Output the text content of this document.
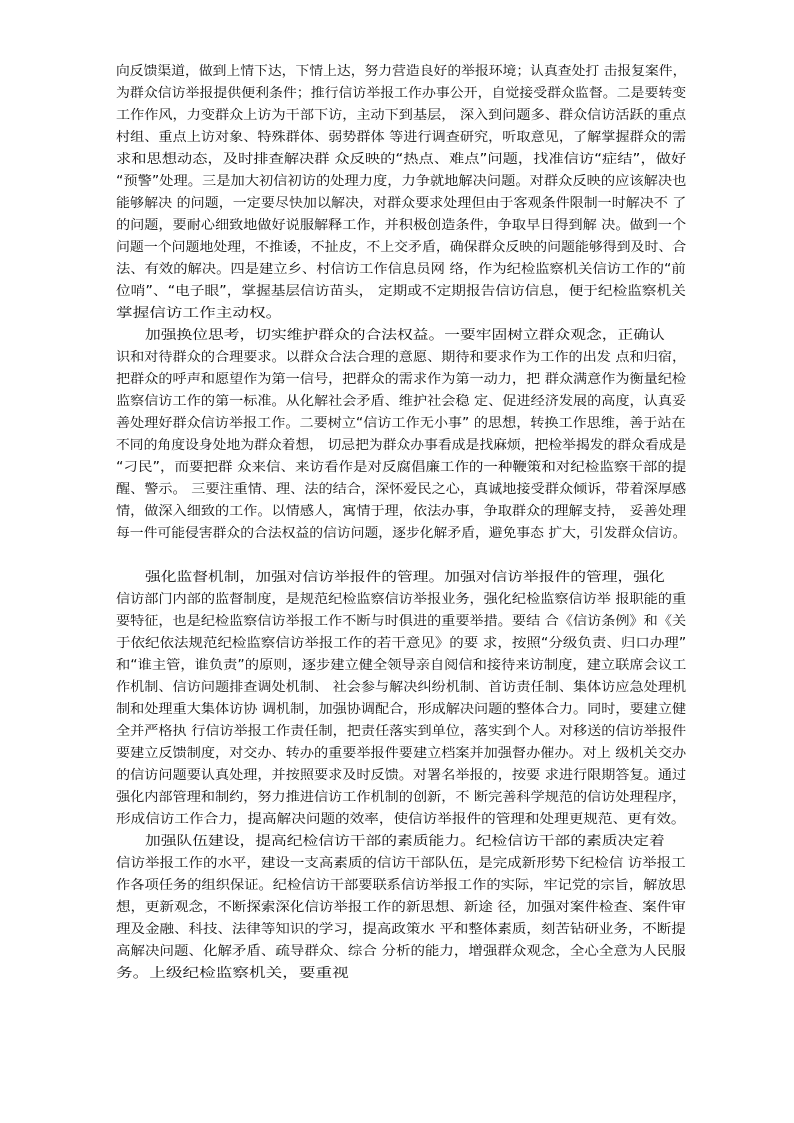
向反馈渠道，做到上情下达，下情上达，努力营造良好的举报环境；认真查处打 击报复案件，
为群众信访举报提供便利条件；推行信访举报工作办事公开，自觉接受群众监督。二是要转变
工作作风，力变群众上访为干部下访，主动下到基层， 深入到问题多、群众信访活跃的重点
村组、重点上访对象、特殊群体、弱势群体 等进行调查研究，听取意见，了解掌握群众的需
求和思想动态，及时排查解决群 众反映的“热点、难点”问题，找准信访“症结”，做好
“预警”处理。三是加大初信初访的处理力度，力争就地解决问题。对群众反映的应该解决也
能够解决 的问题，一定要尽快加以解决，对群众要求处理但由于客观条件限制一时解决不 了
的问题，要耐心细致地做好说服解释工作，并积极创造条件，争取早日得到解 决。做到一个
问题一个问题地处理，不推诿，不扯皮，不上交矛盾，确保群众反映的问题能够得到及时、合
法、有效的解决。四是建立乡、村信访工作信息员网 络，作为纪检监察机关信访工作的“前
位哨”、“电子眼”，掌握基层信访苗头， 定期或不定期报告信访信息，便于纪检监察机关
掌握信访工作主动权。
加强换位思考，切实维护群众的合法权益。一要牢固树立群众观念，正确认
识和对待群众的合理要求。以群众合法合理的意愿、期待和要求作为工作的出发 点和归宿，
把群众的呼声和愿望作为第一信号，把群众的需求作为第一动力，把 群众满意作为衡量纪检
监察信访工作的第一标准。从化解社会矛盾、维护社会稳 定、促进经济发展的高度，认真妥
善处理好群众信访举报工作。二要树立“信访工作无小事” 的思想，转换工作思维，善于站在
不同的角度设身处地为群众着想， 切忌把为群众办事看成是找麻烦，把检举揭发的群众看成是
“刁民”，而要把群 众来信、来访看作是对反腐倡廉工作的一种鞭策和对纪检监察干部的提
醒、警示。 三要注重情、理、法的结合，深怀爱民之心，真诚地接受群众倾诉，带着深厚感
情，做深入细致的工作。以情感人，寓情于理，依法办事，争取群众的理解支持， 妥善处理
每一件可能侵害群众的合法权益的信访问题，逐步化解矛盾，避免事态 扩大，引发群众信访。
强化监督机制，加强对信访举报件的管理。加强对信访举报件的管理，强化
信访部门内部的监督制度，是规范纪检监察信访举报业务，强化纪检监察信访举 报职能的重
要特征，也是纪检监察信访举报工作不断与时俱进的重要举措。要结 合《信访条例》和《关
于依纪依法规范纪检监察信访举报工作的若干意见》的要 求，按照“分级负责、归口办理”
和“谁主管，谁负责”的原则，逐步建立健全领导亲自阅信和接待来访制度，建立联席会议工
作机制、信访问题排查调处机制、 社会参与解决纠纷机制、首访责任制、集体访应急处理机
制和处理重大集体访协 调机制，加强协调配合，形成解决问题的整体合力。同时，要建立健
全并严格执 行信访举报工作责任制，把责任落实到单位，落实到个人。对移送的信访举报件
要建立反馈制度，对交办、转办的重要举报件要建立档案并加强督办催办。对上 级机关交办
的信访问题要认真处理，并按照要求及时反馈。对署名举报的，按要 求进行限期答复。通过
强化内部管理和制约，努力推进信访工作机制的创新，不 断完善科学规范的信访处理程序，
形成信访工作合力，提高解决问题的效率，使信访举报件的管理和处理更规范、更有效。
加强队伍建设，提高纪检信访干部的素质能力。纪检信访干部的素质决定着
信访举报工作的水平，建设一支高素质的信访干部队伍，是完成新形势下纪检信 访举报工
作各项任务的组织保证。纪检信访干部要联系信访举报工作的实际，牢记党的宗旨，解放思
想，更新观念，不断探索深化信访举报工作的新思想、新途 径，加强对案件检查、案件审
理及金融、科技、法律等知识的学习，提高政策水 平和整体素质，刻苦钻研业务，不断提
高解决问题、化解矛盾、疏导群众、综合 分析的能力，增强群众观念，全心全意为人民服
务。上级纪检监察机关，要重视
